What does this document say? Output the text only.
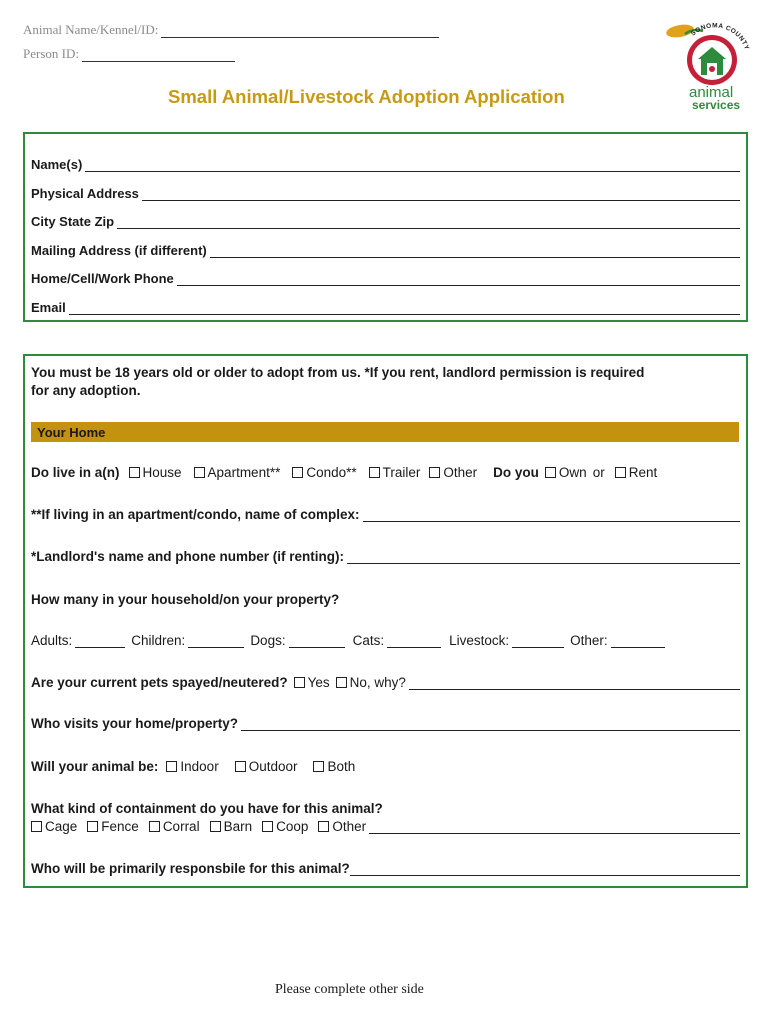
Animal Name/Kennel/ID:
Person ID:
Small Animal/Livestock Adoption Application
SONOMA COUNTY
animal
services
Name(s)
Physical Address
City State Zip
Mailing Address (if different)
Home/Cell/Work Phone
Email
You must be 18 years old or older to adopt from us. *If you rent, landlord permission is required
for any adoption.
Your Home
Do live in a(n) House Apartment** Condo** Trailer Other Do you Own or Rent
**If living in an apartment/condo, name of complex:
*Landlord's name and phone number (if renting):
How many in your household/on your property?
Adults:	Children:	Dogs:	Cats:	Livestock:	Other:
Are your current pets spayed/neutered? Yes No, why?
Who visits your home/property?
Will your animal be: Indoor Outdoor Both
What kind of containment do you have for this animal?
Cage Fence Corral Barn Coop Other
Who will be primarily responsbile for this animal?
Please complete other side
